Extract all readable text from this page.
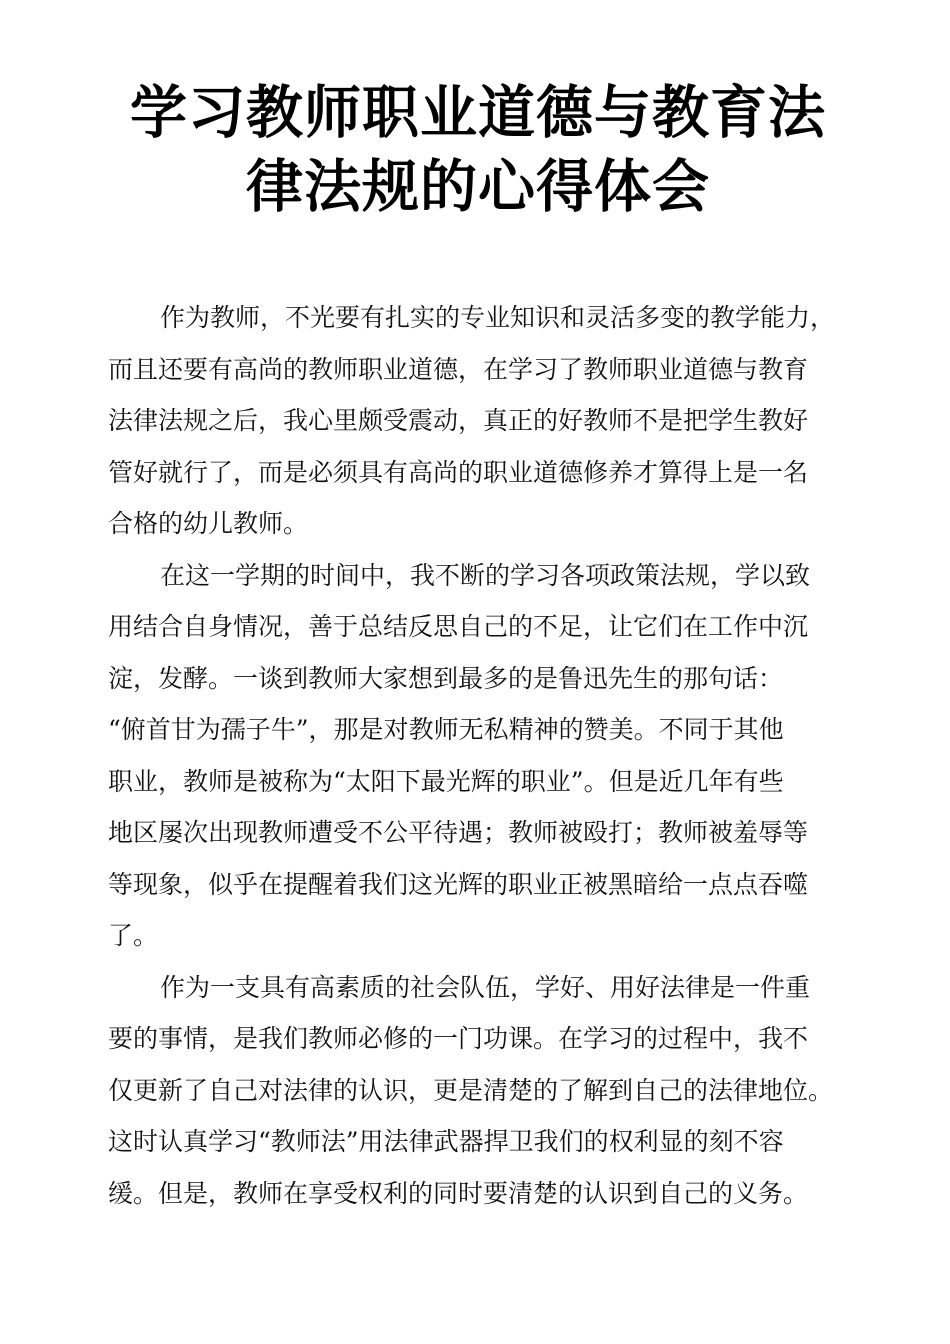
学习教师职业道德与教育法
律法规的心得体会

作为教师，不光要有扎实的专业知识和灵活多变的教学能力，
而且还要有高尚的教师职业道德，在学习了教师职业道德与教育
法律法规之后，我心里颇受震动，真正的好教师不是把学生教好
管好就行了，而是必须具有高尚的职业道德修养才算得上是一名
合格的幼儿教师。

在这一学期的时间中，我不断的学习各项政策法规，学以致
用结合自身情况，善于总结反思自己的不足，让它们在工作中沉
淀，发酵。一谈到教师大家想到最多的是鲁迅先生的那句话：
“俯首甘为孺子牛”，那是对教师无私精神的赞美。不同于其他
职业，教师是被称为“太阳下最光辉的职业”。但是近几年有些
地区屡次出现教师遭受不公平待遇；教师被殴打；教师被羞辱等
等现象，似乎在提醒着我们这光辉的职业正被黑暗给一点点吞噬
了。

作为一支具有高素质的社会队伍，学好、用好法律是一件重
要的事情，是我们教师必修的一门功课。在学习的过程中，我不
仅更新了自己对法律的认识，更是清楚的了解到自己的法律地位。
这时认真学习“教师法”用法律武器捍卫我们的权利显的刻不容
缓。但是，教师在享受权利的同时要清楚的认识到自己的义务。
